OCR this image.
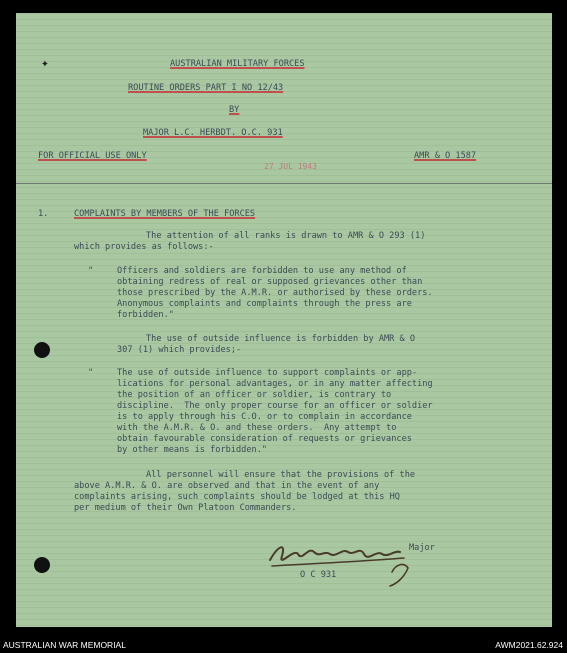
✦	AUSTRALIAN MILITARY FORCES
ROUTINE ORDERS PART I NO 12/43
BY
MAJOR L.C. HERBDT. O.C. 931
FOR OFFICIAL USE ONLY
27 JUL 1943
AMR & O 1587
1.	COMPLAINTS BY MEMBERS OF THE FORCES
The attention of all ranks is drawn to AMR & O 293 (1)
which provides as follows:-
"	Officers and soldiers are forbidden to use any method of
obtaining redress of real or supposed grievances other than
those prescribed by the A.M.R. or authorised by these orders.
Anonymous complaints and complaints through the press are
forbidden."
The use of outside influence is forbidden by AMR & O
307 (1) which provides;-
"	The use of outside influence to support complaints or app-
lications for personal advantages, or in any matter affecting
the position of an officer or soldier, is contrary to
discipline.  The only proper course for an officer or soldier
is to apply through his C.O. or to complain in accordance
with the A.M.R. & O. and these orders.  Any attempt to
obtain favourable consideration of requests or grievances
by other means is forbidden."
All personnel will ensure that the provisions of the
above A.M.R. & O. are observed and that in the event of any
complaints arising, such complaints should be lodged at this HQ
per medium of their Own Platoon Commanders.
Major
O C 931
AUSTRALIAN WAR MEMORIAL	AWM2021.62.924
